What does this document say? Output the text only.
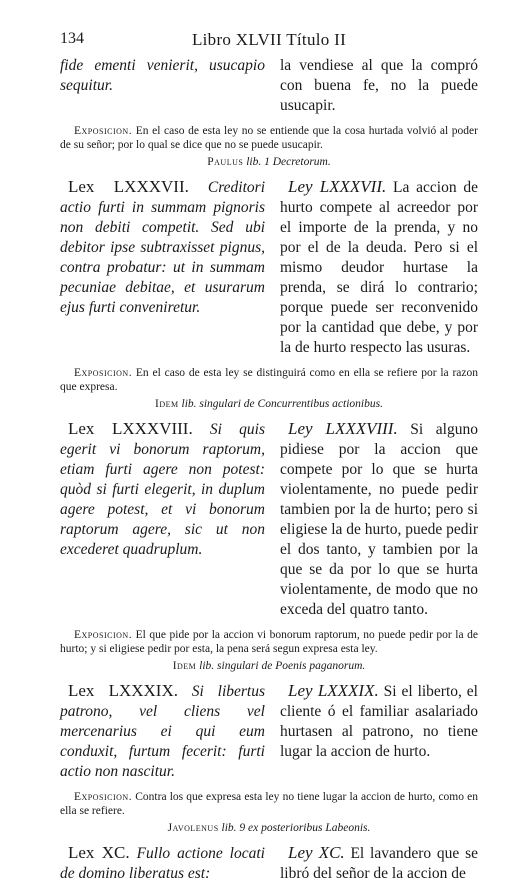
134	Libro XLVII Título II
fide ementi venierit, usucapio sequitur.
la vendiese al que la compró con buena fe, no la puede usucapir.
Exposicion. En el caso de esta ley no se entiende que la cosa hurtada volvió al poder de su señor; por lo qual se dice que no se puede usucapir.
Paulus lib. 1 Decretorum.
Lex LXXXVII. Creditori actio furti in summam pignoris non debiti competit. Sed ubi debitor ipse subtraxisset pignus, contra probatur: ut in summam pecuniae debitae, et usurarum ejus furti conveniretur.
Ley LXXXVII. La accion de hurto compete al acreedor por el importe de la prenda, y no por el de la deuda. Pero si el mismo deudor hurtase la prenda, se dirá lo contrario; porque puede ser reconvenido por la cantidad que debe, y por la de hurto respecto las usuras.
Exposicion. En el caso de esta ley se distinguirá como en ella se refiere por la razon que expresa.
Idem lib. singulari de Concurrentibus actionibus.
Lex LXXXVIII. Si quis egerit vi bonorum raptorum, etiam furti agere non potest: quòd si furti elegerit, in duplum agere potest, et vi bonorum raptorum agere, sic ut non excederet quadruplum.
Ley LXXXVIII. Si alguno pidiese por la accion que compete por lo que se hurta violentamente, no puede pedir tambien por la de hurto; pero si eligiese la de hurto, puede pedir el dos tanto, y tambien por la que se da por lo que se hurta violentamente, de modo que no exceda del quatro tanto.
Exposicion. El que pide por la accion vi bonorum raptorum, no puede pedir por la de hurto; y si eligiese pedir por esta, la pena será segun expresa esta ley.
Idem lib. singulari de Poenis paganorum.
Lex LXXXIX. Si libertus patrono, vel cliens vel mercenarius ei qui eum conduxit, furtum fecerit: furti actio non nascitur.
Ley LXXXIX. Si el liberto, el cliente ó el familiar asalariado hurtasen al patrono, no tiene lugar la accion de hurto.
Exposicion. Contra los que expresa esta ley no tiene lugar la accion de hurto, como en ella se refiere.
Javolenus lib. 9 ex posterioribus Labeonis.
Lex XC. Fullo actione locati de domino liberatus est:
Ley XC. El lavandero que se libró del señor de la accion de
